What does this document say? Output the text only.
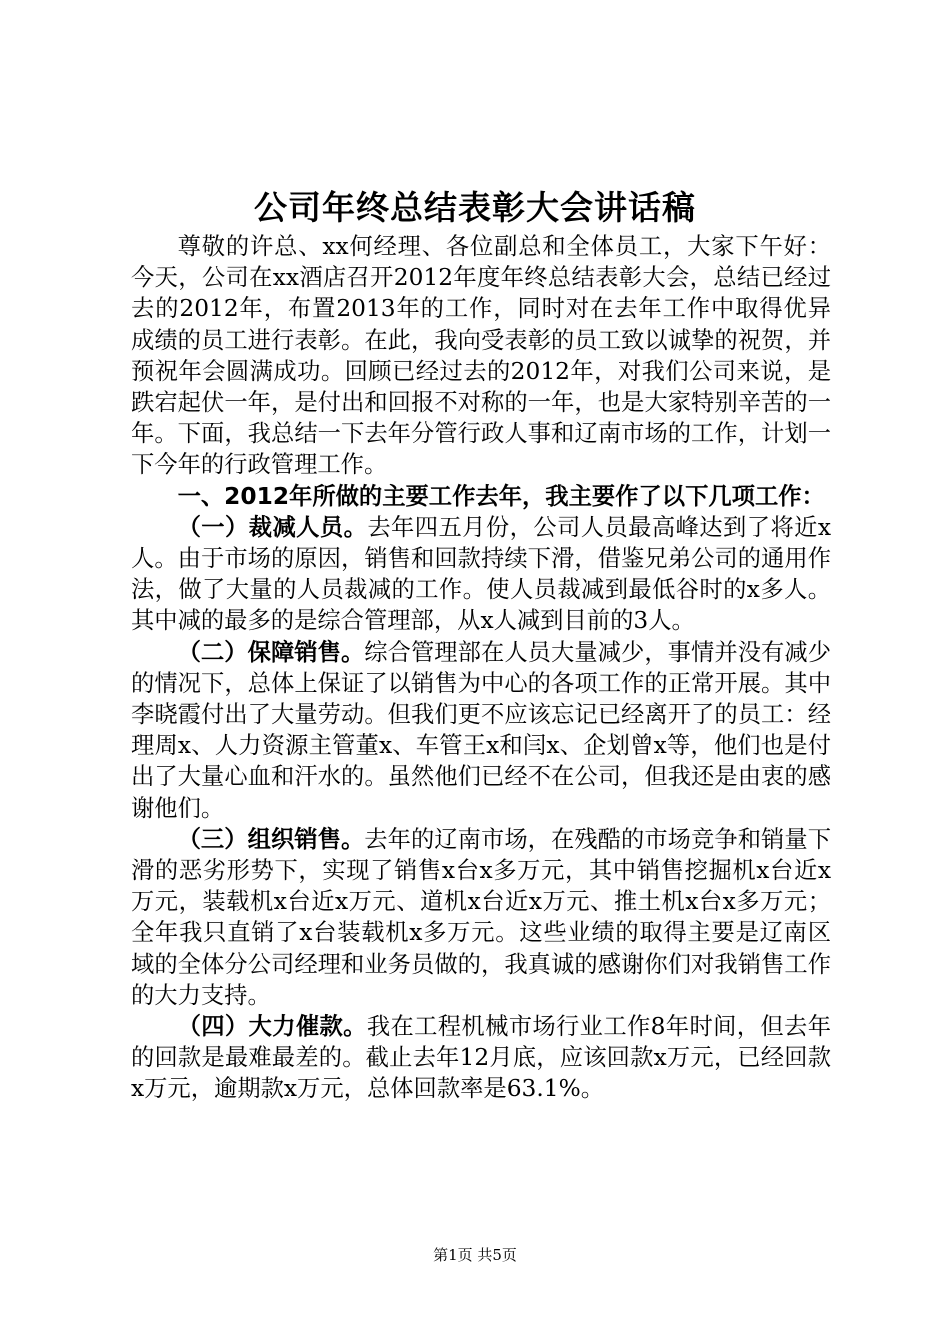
公司年终总结表彰大会讲话稿

尊敬的许总、xx何经理、各位副总和全体员工，大家下午好：今天，公司在xx酒店召开2012年度年终总结表彰大会，总结已经过去的2012年，布置2013年的工作，同时对在去年工作中取得优异成绩的员工进行表彰。在此，我向受表彰的员工致以诚挚的祝贺，并预祝年会圆满成功。回顾已经过去的2012年，对我们公司来说，是跌宕起伏一年，是付出和回报不对称的一年，也是大家特别辛苦的一年。下面，我总结一下去年分管行政人事和辽南市场的工作，计划一下今年的行政管理工作。

一、2012年所做的主要工作去年，我主要作了以下几项工作：

（一）裁减人员。去年四五月份，公司人员最高峰达到了将近x人。由于市场的原因，销售和回款持续下滑，借鉴兄弟公司的通用作法，做了大量的人员裁减的工作。使人员裁减到最低谷时的x多人。其中减的最多的是综合管理部，从x人减到目前的3人。

（二）保障销售。综合管理部在人员大量减少，事情并没有减少的情况下，总体上保证了以销售为中心的各项工作的正常开展。其中李晓霞付出了大量劳动。但我们更不应该忘记已经离开了的员工：经理周x、人力资源主管董x、车管王x和闫x、企划曾x等，他们也是付出了大量心血和汗水的。虽然他们已经不在公司，但我还是由衷的感谢他们。

（三）组织销售。去年的辽南市场，在残酷的市场竞争和销量下滑的恶劣形势下，实现了销售x台x多万元，其中销售挖掘机x台近x万元，装载机x台近x万元、道机x台近x万元、推土机x台x多万元；全年我只直销了x台装载机x多万元。这些业绩的取得主要是辽南区域的全体分公司经理和业务员做的，我真诚的感谢你们对我销售工作的大力支持。

（四）大力催款。我在工程机械市场行业工作8年时间，但去年的回款是最难最差的。截止去年12月底，应该回款x万元，已经回款x万元，逾期款x万元，总体回款率是63.1%。

第1页 共5页
